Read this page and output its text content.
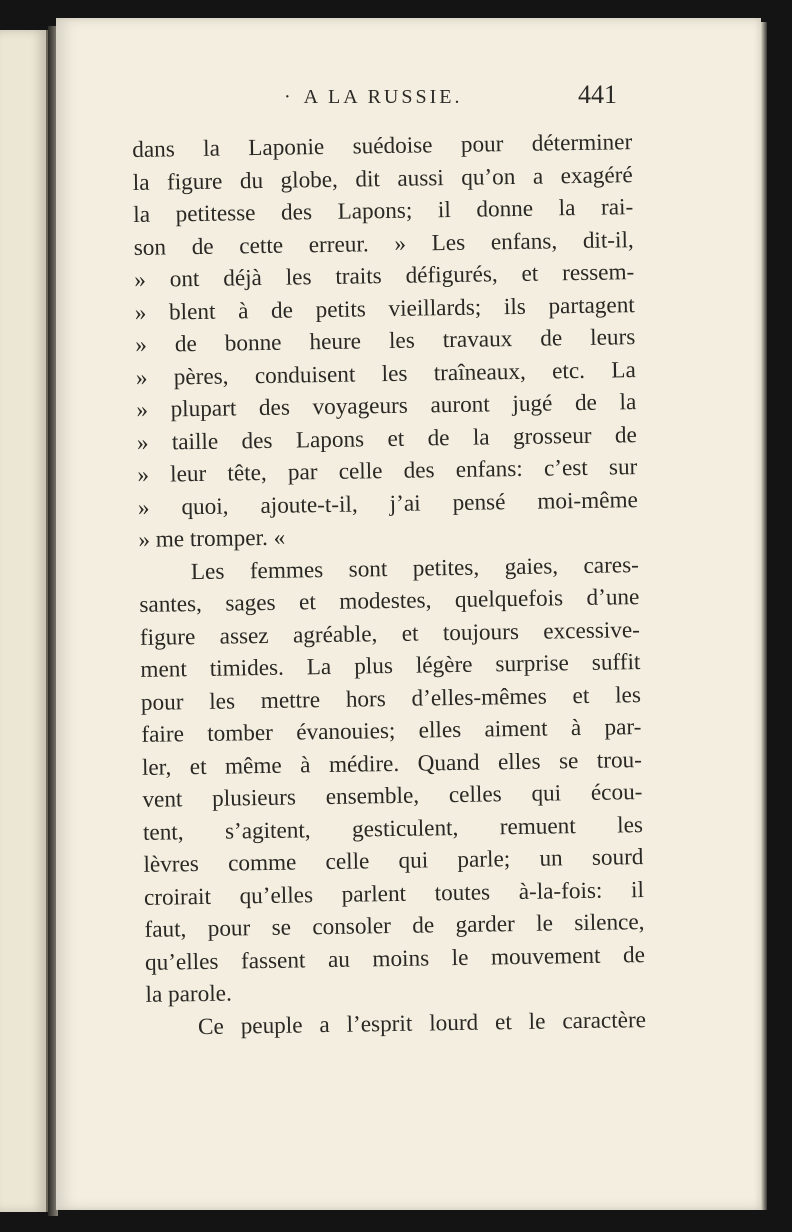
· A LA RUSSIE.	441
dans la Laponie suédoise pour déterminer
la figure du globe, dit aussi qu’on a exagéré
la petitesse des Lapons; il donne la rai-
son de cette erreur. » Les enfans, dit-il,
» ont déjà les traits défigurés, et ressem-
» blent à de petits vieillards; ils partagent
» de bonne heure les travaux de leurs
» pères, conduisent les traîneaux, etc. La
» plupart des voyageurs auront jugé de la
» taille des Lapons et de la grosseur de
» leur tête, par celle des enfans: c’est sur
» quoi, ajoute-t-il, j’ai pensé moi-même
» me tromper. «
Les femmes sont petites, gaies, cares-
santes, sages et modestes, quelquefois d’une
figure assez agréable, et toujours excessive-
ment timides. La plus légère surprise suffit
pour les mettre hors d’elles-mêmes et les
faire tomber évanouies; elles aiment à par-
ler, et même à médire. Quand elles se trou-
vent plusieurs ensemble, celles qui écou-
tent, s’agitent, gesticulent, remuent les
lèvres comme celle qui parle; un sourd
croirait qu’elles parlent toutes à-la-fois: il
faut, pour se consoler de garder le silence,
qu’elles fassent au moins le mouvement de
la parole.
Ce peuple a l’esprit lourd et le caractère
